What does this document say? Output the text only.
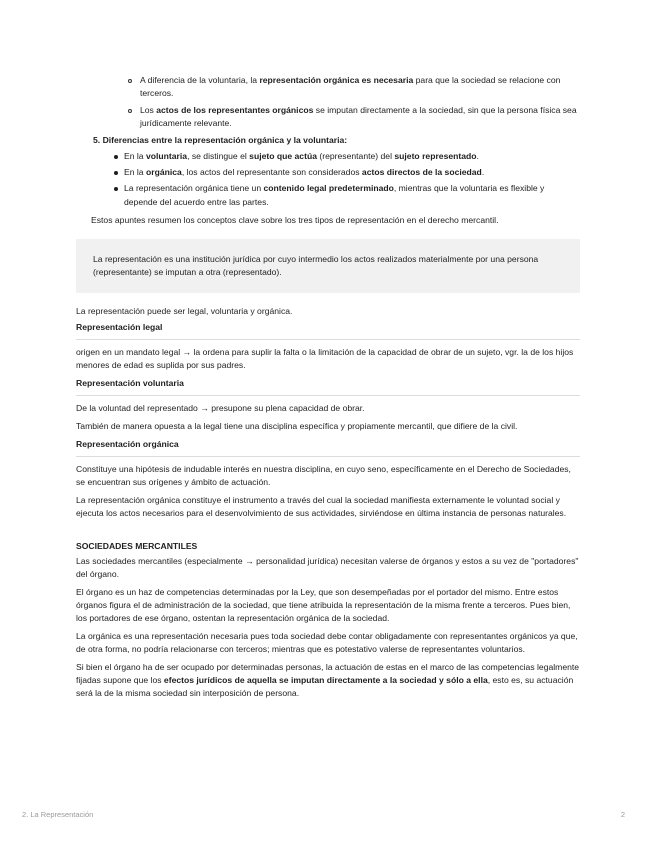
A diferencia de la voluntaria, la representación orgánica es necesaria para que la sociedad se relacione con terceros.
Los actos de los representantes orgánicos se imputan directamente a la sociedad, sin que la persona física sea jurídicamente relevante.

5. Diferencias entre la representación orgánica y la voluntaria:

En la voluntaria, se distingue el sujeto que actúa (representante) del sujeto representado.
En la orgánica, los actos del representante son considerados actos directos de la sociedad.
La representación orgánica tiene un contenido legal predeterminado, mientras que la voluntaria es flexible y depende del acuerdo entre las partes.

Estos apuntes resumen los conceptos clave sobre los tres tipos de representación en el derecho mercantil.

La representación es una institución jurídica por cuyo intermedio los actos realizados materialmente por una persona (representante) se imputan a otra (representado).

La representación puede ser legal, voluntaria y orgánica.

Representación legal

origen en un mandato legal → la ordena para suplir la falta o la limitación de la capacidad de obrar de un sujeto, vgr. la de los hijos menores de edad es suplida por sus padres.

Representación voluntaria

De la voluntad del representado → presupone su plena capacidad de obrar.

También de manera opuesta a la legal tiene una disciplina específica y propiamente mercantil, que difiere de la civil.

Representación orgánica

Constituye una hipótesis de indudable interés en nuestra disciplina, en cuyo seno, específicamente en el Derecho de Sociedades, se encuentran sus orígenes y ámbito de actuación.

La representación orgánica constituye el instrumento a través del cual la sociedad manifiesta externamente le voluntad social y ejecuta los actos necesarios para el desenvolvimiento de sus actividades, sirviéndose en última instancia de personas naturales.

SOCIEDADES MERCANTILES

Las sociedades mercantiles (especialmente → personalidad jurídica) necesitan valerse de órganos y estos a su vez de "portadores" del órgano.

El órgano es un haz de competencias determinadas por la Ley, que son desempeñadas por el portador del mismo. Entre estos órganos figura el de administración de la sociedad, que tiene atribuida la representación de la misma frente a terceros. Pues bien, los portadores de ese órgano, ostentan la representación orgánica de la sociedad.

La orgánica es una representación necesaria pues toda sociedad debe contar obligadamente con representantes orgánicos ya que, de otra forma, no podría relacionarse con terceros; mientras que es potestativo valerse de representantes voluntarios.

Si bien el órgano ha de ser ocupado por determinadas personas, la actuación de estas en el marco de las competencias legalmente fijadas supone que los efectos jurídicos de aquella se imputan directamente a la sociedad y sólo a ella, esto es, su actuación será la de la misma sociedad sin interposición de persona.

2. La Representación	2
